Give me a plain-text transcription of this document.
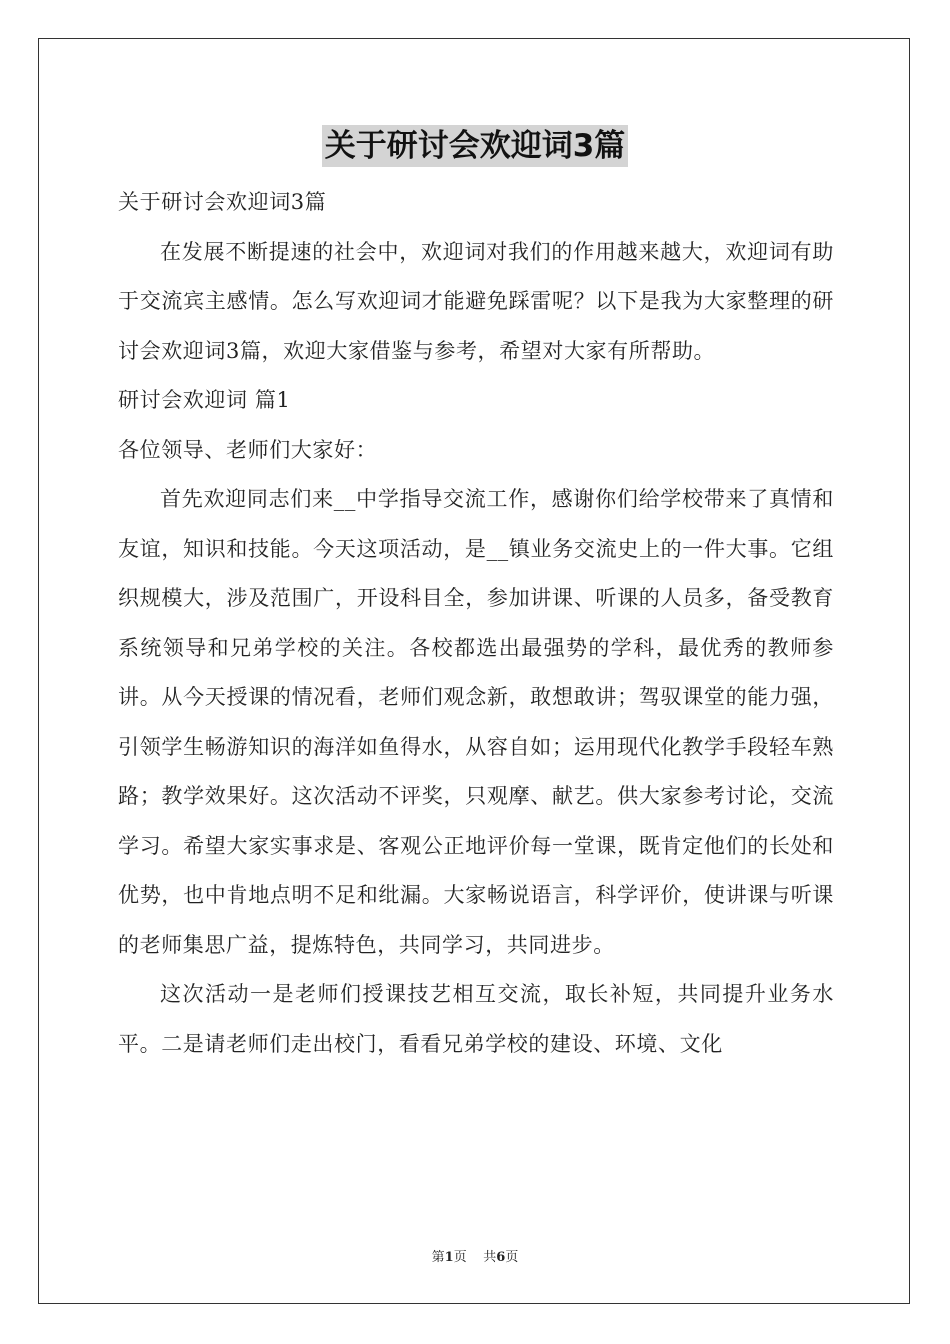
关于研讨会欢迎词3篇

关于研讨会欢迎词3篇

在发展不断提速的社会中，欢迎词对我们的作用越来越大，欢迎词有助于交流宾主感情。怎么写欢迎词才能避免踩雷呢？以下是我为大家整理的研讨会欢迎词3篇，欢迎大家借鉴与参考，希望对大家有所帮助。

研讨会欢迎词 篇1

各位领导、老师们大家好：

首先欢迎同志们来__中学指导交流工作，感谢你们给学校带来了真情和友谊，知识和技能。今天这项活动，是__镇业务交流史上的一件大事。它组织规模大，涉及范围广，开设科目全，参加讲课、听课的人员多，备受教育系统领导和兄弟学校的关注。各校都选出最强势的学科，最优秀的教师参讲。从今天授课的情况看，老师们观念新，敢想敢讲；驾驭课堂的能力强，引领学生畅游知识的海洋如鱼得水，从容自如；运用现代化教学手段轻车熟路；教学效果好。这次活动不评奖，只观摩、献艺。供大家参考讨论，交流学习。希望大家实事求是、客观公正地评价每一堂课，既肯定他们的长处和优势，也中肯地点明不足和纰漏。大家畅说语言，科学评价，使讲课与听课的老师集思广益，提炼特色，共同学习，共同进步。

这次活动一是老师们授课技艺相互交流，取长补短，共同提升业务水平。二是请老师们走出校门，看看兄弟学校的建设、环境、文化

第1页 共6页
